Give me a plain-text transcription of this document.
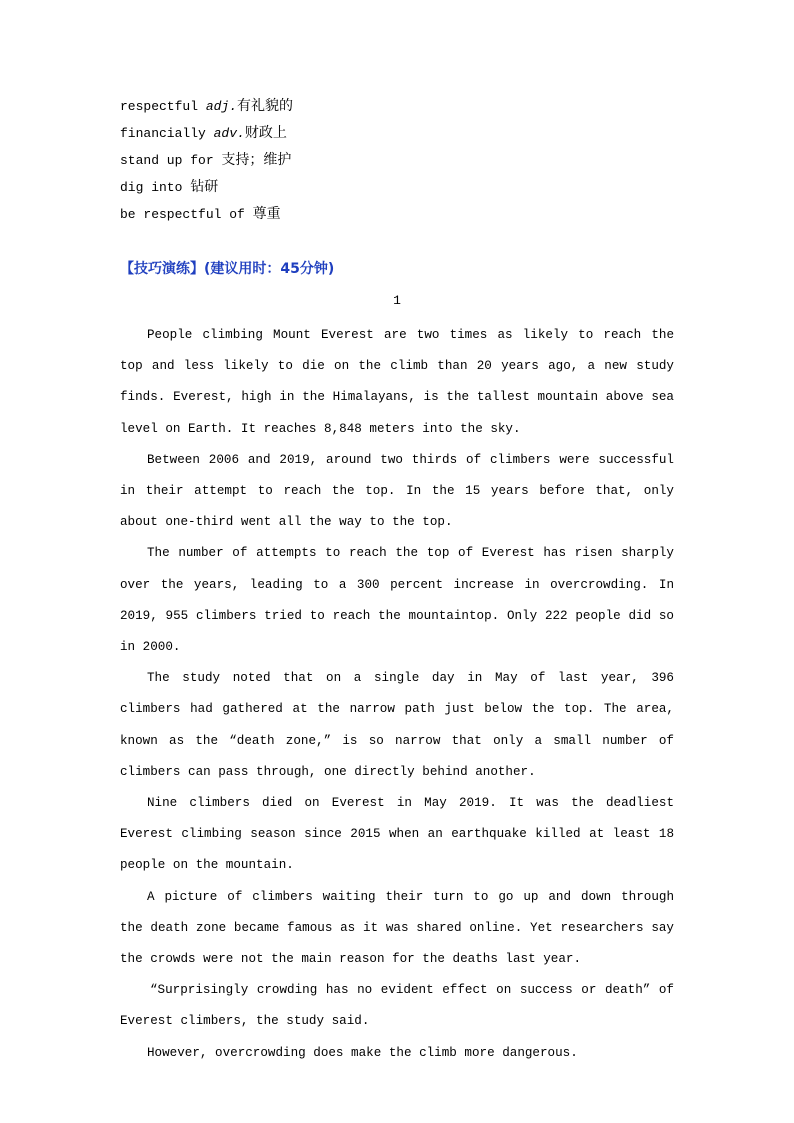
respectful adj.有礼貌的
financially adv.财政上
stand up for 支持；维护
dig into 钻研
be respectful of 尊重
【技巧演练】(建议用时：45分钟)
1

People climbing Mount Everest are two times as likely to reach the top and less likely to die on the climb than 20 years ago, a new study finds. Everest, high in the Himalayans, is the tallest mountain above sea level on Earth. It reaches 8,848 meters into the sky.

Between 2006 and 2019, around two thirds of climbers were successful in their attempt to reach the top. In the 15 years before that, only about one-third went all the way to the top.

The number of attempts to reach the top of Everest has risen sharply over the years, leading to a 300 percent increase in overcrowding. In 2019, 955 climbers tried to reach the mountaintop. Only 222 people did so in 2000.

The study noted that on a single day in May of last year, 396 climbers had gathered at the narrow path just below the top. The area, known as the “death zone,” is so narrow that only a small number of climbers can pass through, one directly behind another.

Nine climbers died on Everest in May 2019. It was the deadliest Everest climbing season since 2015 when an earthquake killed at least 18 people on the mountain.

A picture of climbers waiting their turn to go up and down through the death zone became famous as it was shared online. Yet researchers say the crowds were not the main reason for the deaths last year.

“Surprisingly crowding has no evident effect on success or death” of Everest climbers, the study said.

However, overcrowding does make the climb more dangerous.
